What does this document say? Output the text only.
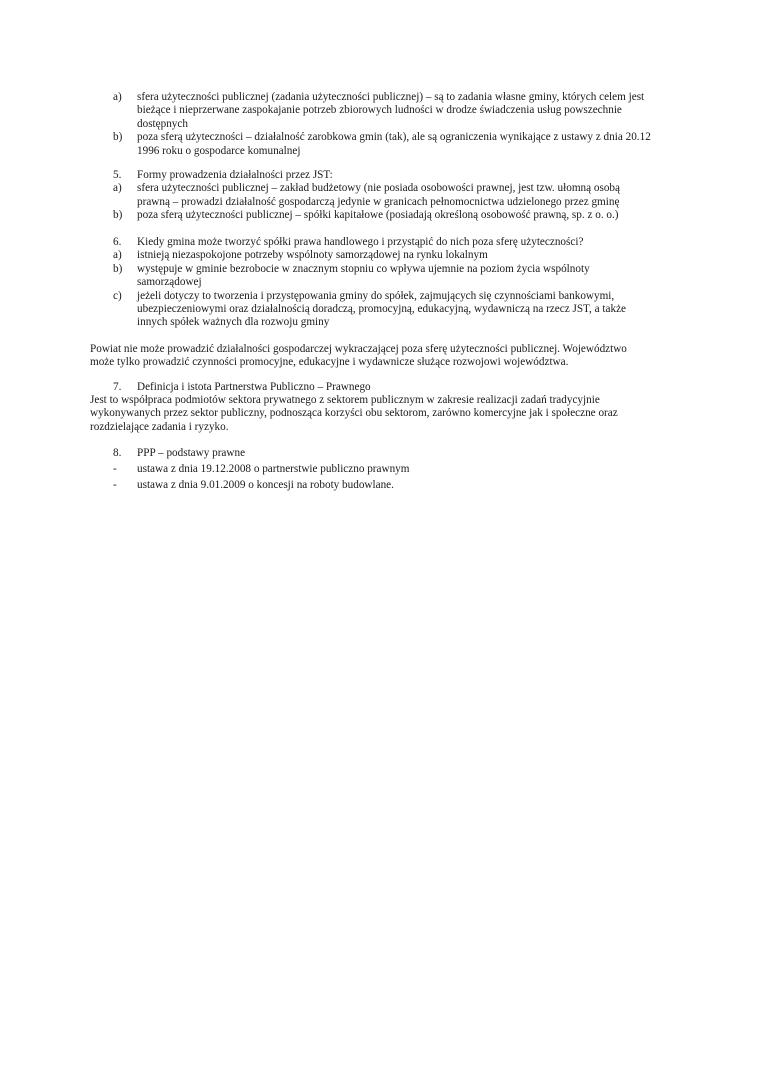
a)	sfera użyteczności publicznej (zadania użyteczności publicznej) – są to zadania własne gminy, których celem jest
bieżące i nieprzerwane zaspokajanie potrzeb zbiorowych ludności w drodze świadczenia usług powszechnie
dostępnych
b)	poza sferą użyteczności – działalność zarobkowa gmin (tak), ale są ograniczenia wynikające z ustawy z dnia 20.12
1996 roku o gospodarce komunalnej
5.	Formy prowadzenia działalności przez JST:
a)	sfera użyteczności publicznej – zakład budżetowy (nie posiada osobowości prawnej, jest tzw. ułomną osobą
prawną – prowadzi działalność gospodarczą jedynie w granicach pełnomocnictwa udzielonego przez gminę
b)	poza sferą użyteczności publicznej – spółki kapitałowe (posiadają określoną osobowość prawną, sp. z o. o.)
6.	Kiedy gmina może tworzyć spółki prawa handlowego i przystąpić do nich poza sferę użyteczności?
a)	istnieją niezaspokojone potrzeby wspólnoty samorządowej na rynku lokalnym
b)	występuje w gminie bezrobocie w znacznym stopniu co wpływa ujemnie na poziom życia wspólnoty
samorządowej
c)	jeżeli dotyczy to tworzenia i przystępowania gminy do spółek, zajmujących się czynnościami bankowymi,
ubezpieczeniowymi oraz działalnością doradczą, promocyjną, edukacyjną, wydawniczą na rzecz JST, a także
innych spółek ważnych dla rozwoju gminy
Powiat nie może prowadzić działalności gospodarczej wykraczającej poza sferę użyteczności publicznej. Województwo
może tylko prowadzić czynności promocyjne, edukacyjne i wydawnicze służące rozwojowi województwa.
7.	Definicja i istota Partnerstwa Publiczno – Prawnego
Jest to współpraca podmiotów sektora prywatnego z sektorem publicznym w zakresie realizacji zadań tradycyjnie
wykonywanych przez sektor publiczny, podnosząca korzyści obu sektorom, zarówno komercyjne jak i społeczne oraz
rozdzielające zadania i ryzyko.
8.	PPP – podstawy prawne
-	ustawa z dnia 19.12.2008 o partnerstwie publiczno prawnym
-	ustawa z dnia 9.01.2009 o koncesji na roboty budowlane.
